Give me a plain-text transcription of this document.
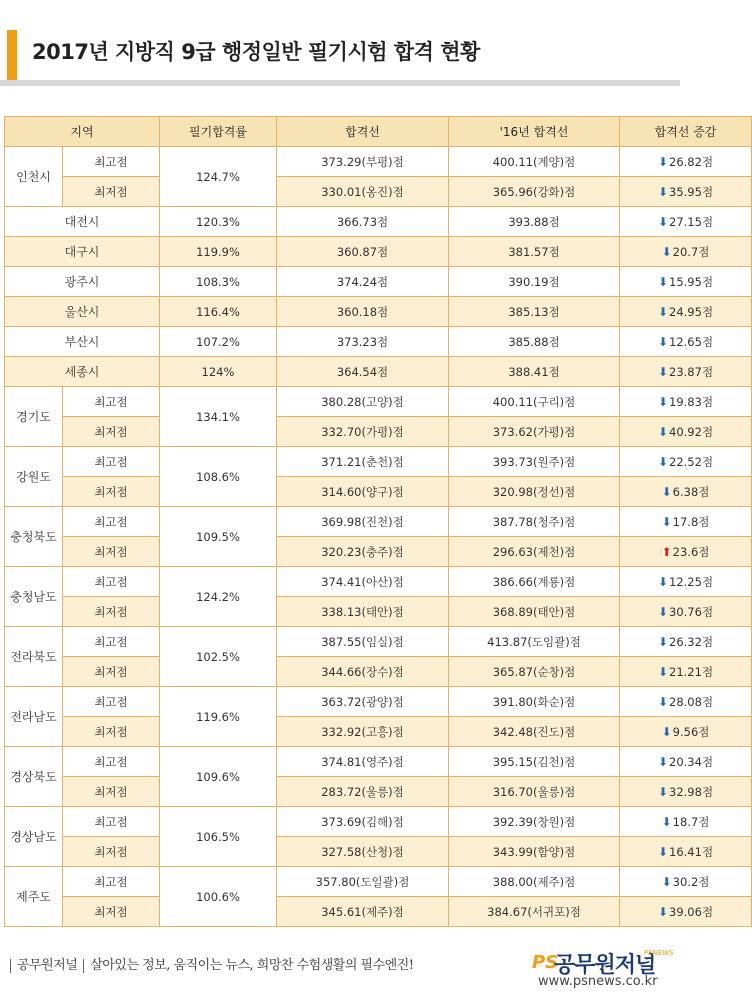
2017년 지방직 9급 행정일반 필기시험 합격 현황
지역		필기합격률	합격선	'16년 합격선	합격선 증감
인천시	최고점	124.7%	373.29(부평)점	400.11(계양)점	⬇ 26.82점

	최저점		330.01(옹진)점	365.96(강화)점	⬇ 35.95점

대전시		120.3%	366.73점	393.88점	⬇ 27.15점

대구시		119.9%	360.87점	381.57점	⬇ 20.7점

광주시		108.3%	374.24점	390.19점	⬇ 15.95점

울산시		116.4%	360.18점	385.13점	⬇ 24.95점

부산시		107.2%	373.23점	385.88점	⬇ 12.65점

세종시		124%	364.54점	388.41점	⬇ 23.87점

경기도	최고점	134.1%	380.28(고양)점	400.11(구리)점	⬇ 19.83점

	최저점		332.70(가평)점	373.62(가평)점	⬇ 40.92점

강원도	최고점	108.6%	371.21(춘천)점	393.73(원주)점	⬇ 22.52점

	최저점		314.60(양구)점	320.98(정선)점	⬇ 6.38점

충청북도	최고점	109.5%	369.98(진천)점	387.78(청주)점	⬇ 17.8점

	최저점		320.23(충주)점	296.63(제천)점	⬆ 23.6점

충청남도	최고점	124.2%	374.41(아산)점	386.66(계룡)점	⬇ 12.25점

	최저점		338.13(태안)점	368.89(태안)점	⬇ 30.76점

전라북도	최고점	102.5%	387.55(임실)점	413.87(도임괄)점	⬇ 26.32점

	최저점		344.66(장수)점	365.87(순창)점	⬇ 21.21점

전라남도	최고점	119.6%	363.72(광양)점	391.80(화순)점	⬇ 28.08점

	최저점		332.92(고흥)점	342.48(진도)점	⬇ 9.56점

경상북도	최고점	109.6%	374.81(영주)점	395.15(김천)점	⬇ 20.34점

	최저점		283.72(울릉)점	316.70(울릉)점	⬇ 32.98점

경상남도	최고점	106.5%	373.69(김해)점	392.39(창원)점	⬇ 18.7점

	최저점		327.58(산청)점	343.99(함양)점	⬇ 16.41점

제주도	최고점	100.6%	357.80(도일괄)점	388.00(제주)점	⬇ 30.2점

	최저점		345.61(제주)점	384.67(서귀포)점	⬇ 39.06점
공무원저널 살아있는 정보, 움직이는 뉴스, 희망찬 수험생활의 필수엔진!	PS
공무원저널
PSNEWS
www.psnews.co.kr
